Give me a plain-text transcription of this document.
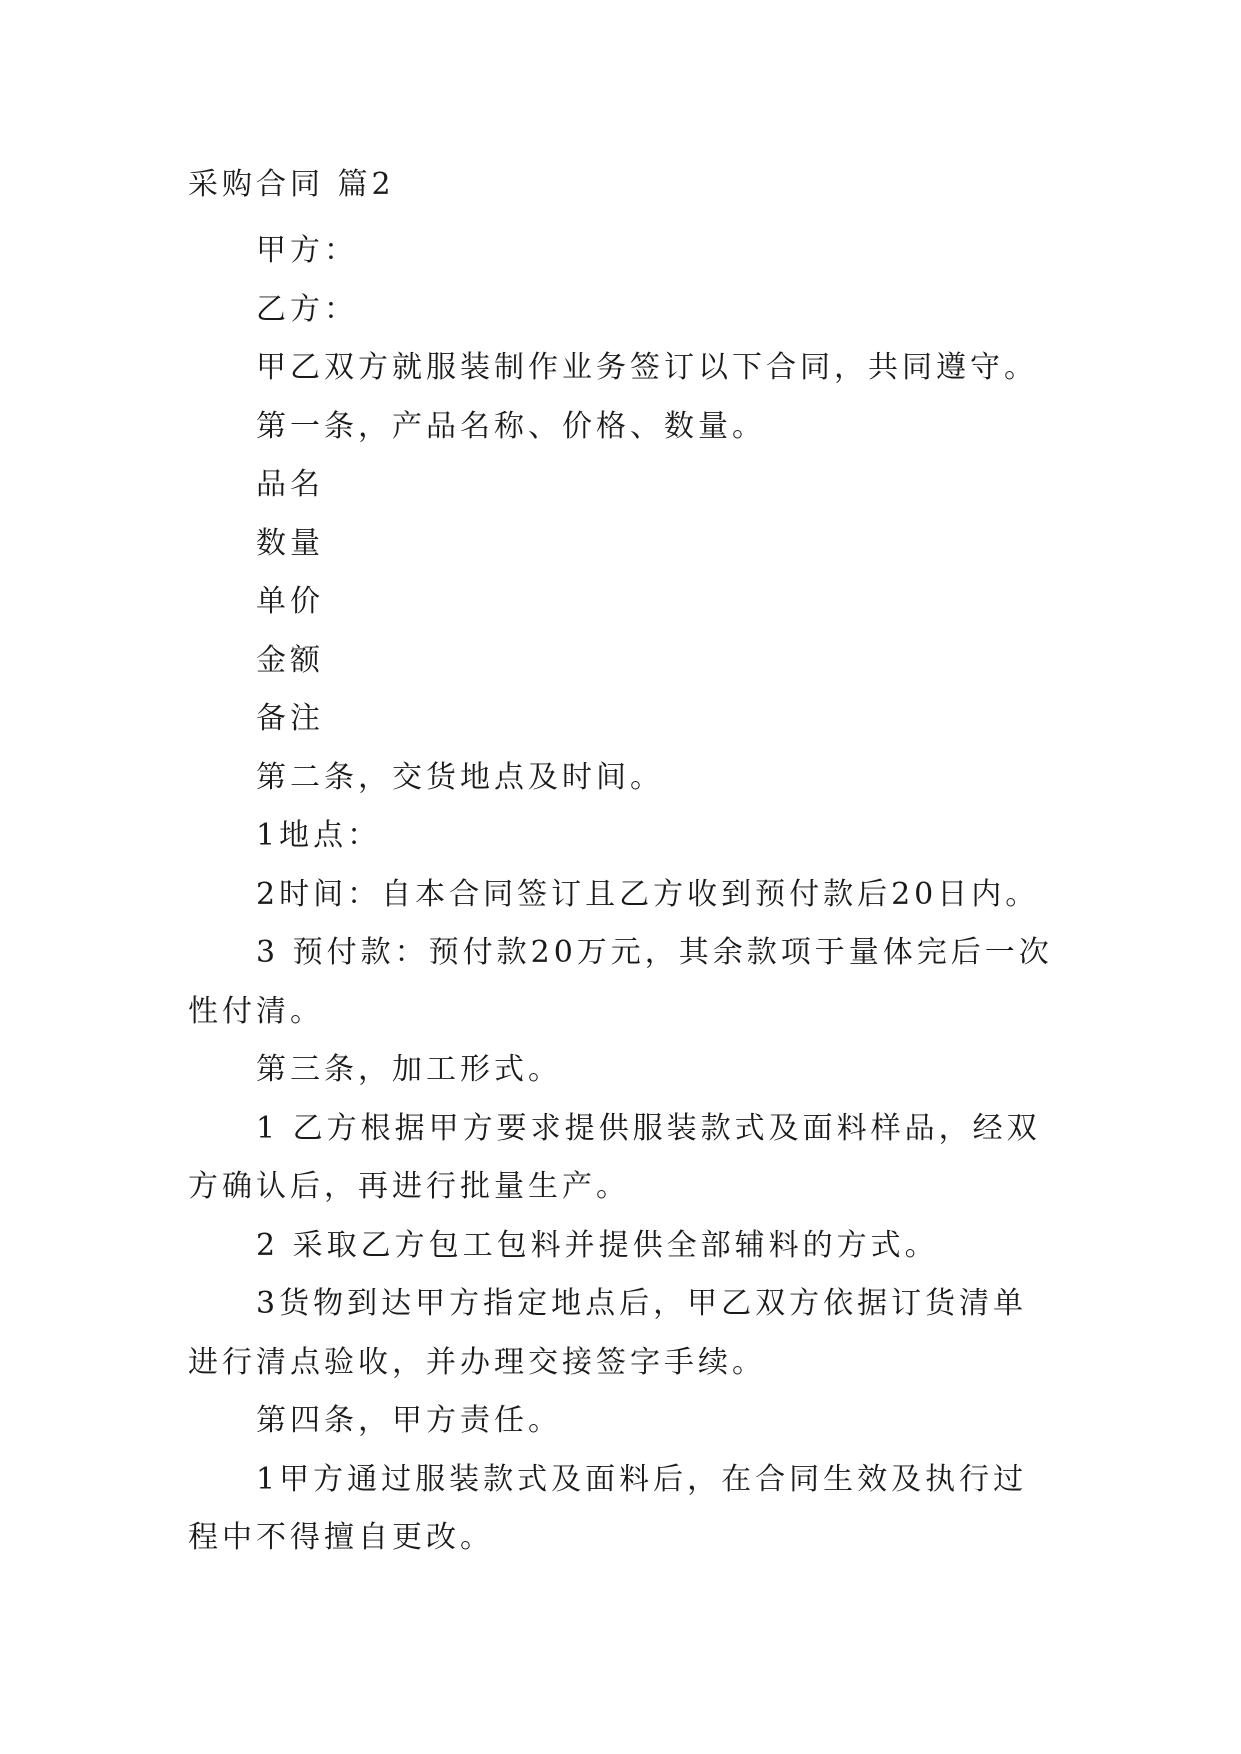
采购合同 篇2

甲方：

乙方：

甲乙双方就服装制作业务签订以下合同，共同遵守。

第一条，产品名称、价格、数量。

品名

数量

单价

金额

备注

第二条，交货地点及时间。

1地点：

2时间：自本合同签订且乙方收到预付款后20日内。

3 预付款：预付款20万元，其余款项于量体完后一次性付清。

第三条，加工形式。

1 乙方根据甲方要求提供服装款式及面料样品，经双方确认后，再进行批量生产。

2 采取乙方包工包料并提供全部辅料的方式。

3货物到达甲方指定地点后，甲乙双方依据订货清单进行清点验收，并办理交接签字手续。

第四条，甲方责任。

1甲方通过服装款式及面料后，在合同生效及执行过程中不得擅自更改。
